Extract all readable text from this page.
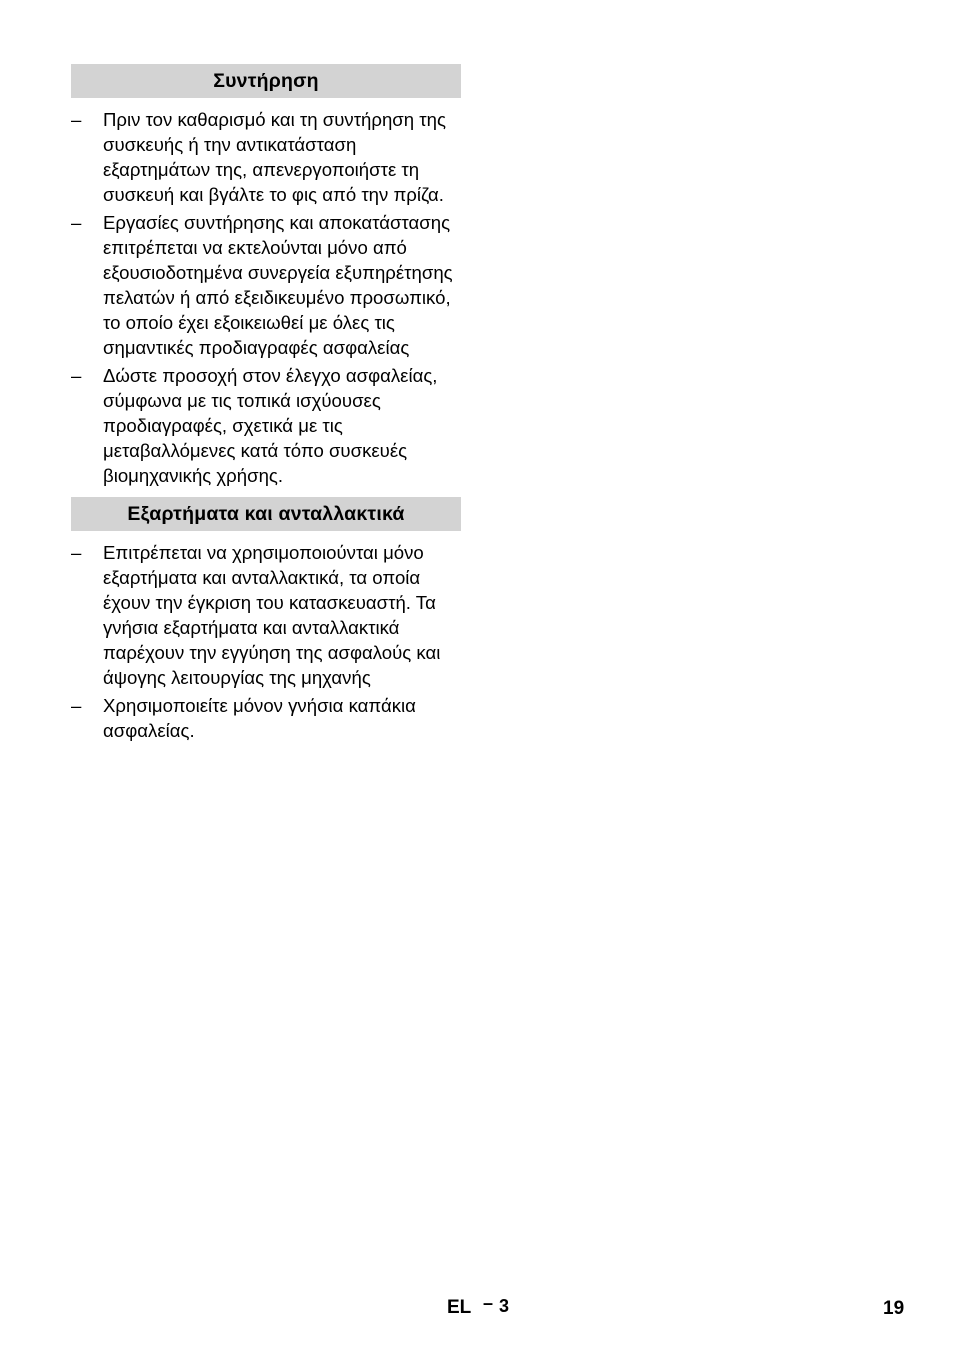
Συντήρηση
–	Πριν τον καθαρισμό και τη συντήρηση της συσκευής ή την αντικατάσταση εξαρτημάτων της, απενεργοποιήστε τη συσκευή και βγάλτε το φις από την πρίζα.
–	Εργασίες συντήρησης και αποκατάστασης επιτρέπεται να εκτελούνται μόνο από εξουσιοδοτημένα συνεργεία εξυπηρέτησης πελατών ή από εξειδικευμένο προσωπικό, το οποίο έχει εξοικειωθεί με όλες τις σημαντικές προδιαγραφές ασφαλείας
–	Δώστε προσοχή στον έλεγχο ασφαλείας, σύμφωνα με τις τοπικά ισχύουσες προδιαγραφές, σχετικά με τις μεταβαλλόμενες κατά τόπο συσκευές βιομηχανικής χρήσης.
Εξαρτήματα και ανταλλακτικά
–	Επιτρέπεται να χρησιμοποιούνται μόνο εξαρτήματα και ανταλλακτικά, τα οποία έχουν την έγκριση του κατασκευαστή. Τα γνήσια εξαρτήματα και ανταλλακτικά παρέχουν την εγγύηση της ασφαλούς και άψογης λειτουργίας της μηχανής
–	Χρησιμοποιείτε μόνον γνήσια καπάκια ασφαλείας.
EL – 3	19
